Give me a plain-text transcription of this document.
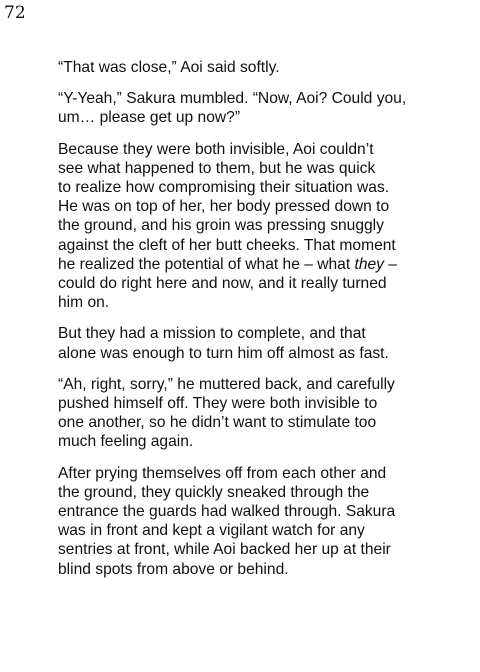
72

“That was close,” Aoi said softly.

“Y-Yeah,” Sakura mumbled. “Now, Aoi? Could you,
um… please get up now?”

Because they were both invisible, Aoi couldn’t
see what happened to them, but he was quick
to realize how compromising their situation was.
He was on top of her, her body pressed down to
the ground, and his groin was pressing snuggly
against the cleft of her butt cheeks. That moment
he realized the potential of what he – what they –
could do right here and now, and it really turned
him on.

But they had a mission to complete, and that
alone was enough to turn him off almost as fast.

“Ah, right, sorry,” he muttered back, and carefully
pushed himself off. They were both invisible to
one another, so he didn’t want to stimulate too
much feeling again.

After prying themselves off from each other and
the ground, they quickly sneaked through the
entrance the guards had walked through. Sakura
was in front and kept a vigilant watch for any
sentries at front, while Aoi backed her up at their
blind spots from above or behind.
